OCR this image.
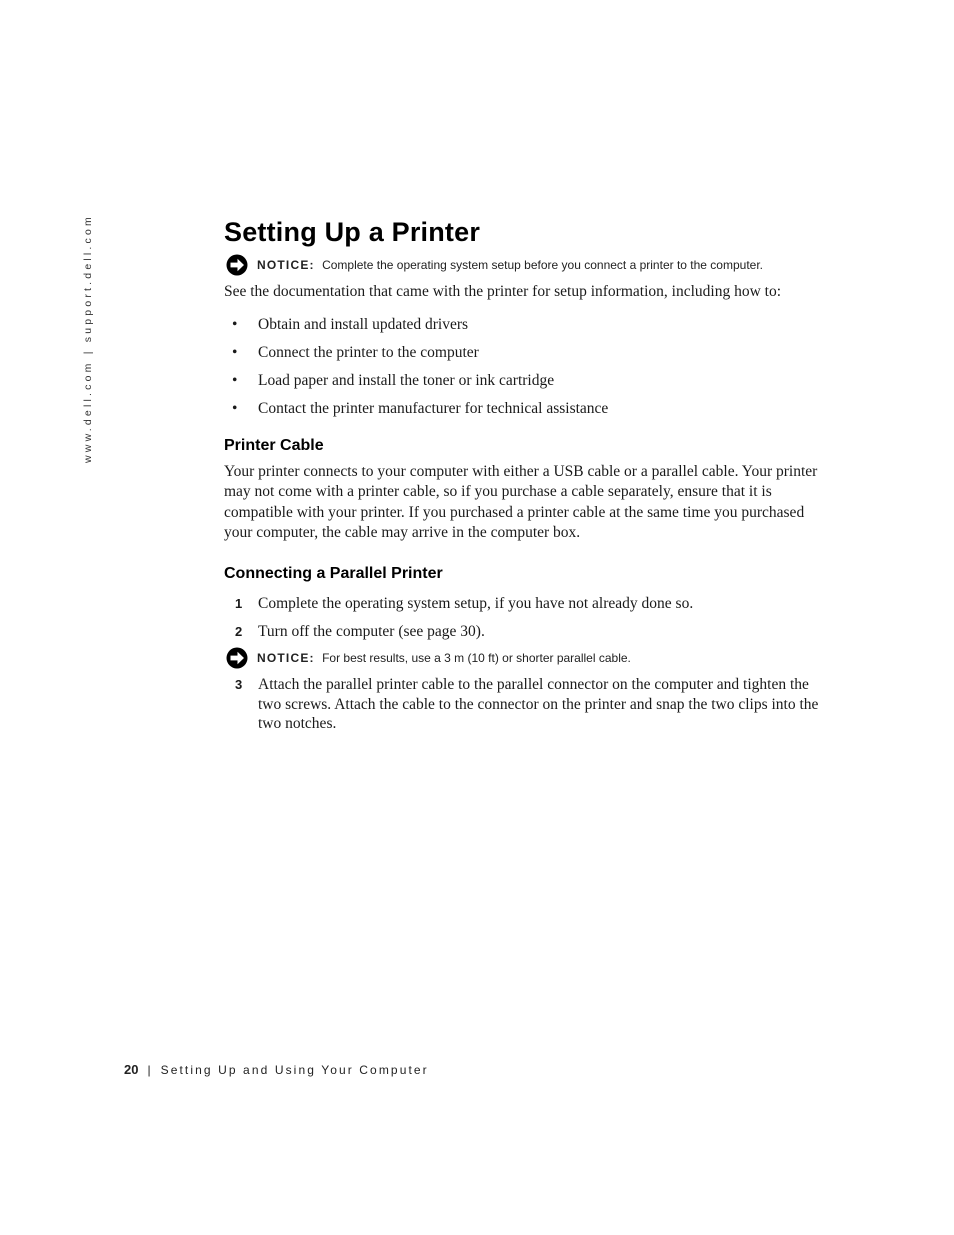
www.dell.com | support.dell.com	Setting Up a Printer
NOTICE: Complete the operating system setup before you connect a printer to the computer.

See the documentation that came with the printer for setup information, including how to:

• Obtain and install updated drivers
• Connect the printer to the computer
• Load paper and install the toner or ink cartridge
• Contact the printer manufacturer for technical assistance
Printer Cable

Your printer connects to your computer with either a USB cable or a parallel cable. Your printer may not come with a printer cable, so if you purchase a cable separately, ensure that it is compatible with your printer. If you purchased a printer cable at the same time you purchased your computer, the cable may arrive in the computer box.

Connecting a Parallel Printer
1 Complete the operating system setup, if you have not already done so.
2 Turn off the computer (see page 30).
NOTICE: For best results, use a 3 m (10 ft) or shorter parallel cable.
3 Attach the parallel printer cable to the parallel connector on the computer and tighten the two screws. Attach the cable to the connector on the printer and snap the two clips into the two notches.
20 | Setting Up and Using Your Computer
